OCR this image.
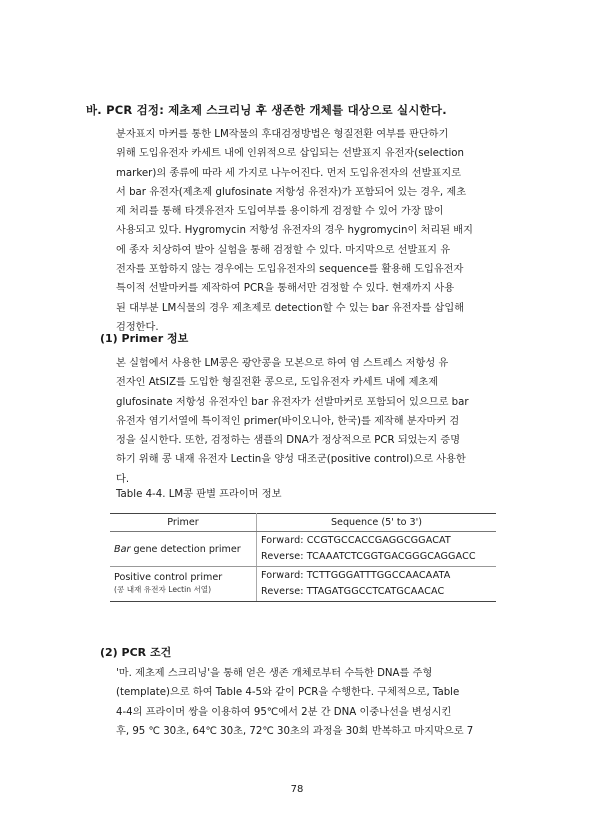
바. PCR 검정: 제초제 스크리닝 후 생존한 개체를 대상으로 실시한다.

분자표지 마커를 통한 LM작물의 후대검정방법은 형질전환 여부를 판단하기

위해 도입유전자 카세트 내에 인위적으로 삽입되는 선발표지 유전자(selection

marker)의 종류에 따라 세 가지로 나누어진다. 먼저 도입유전자의 선발표지로

서 bar 유전자(제초제 glufosinate 저항성 유전자)가 포함되어 있는 경우, 제초

제 처리를 통해 타겟유전자 도입여부를 용이하게 검정할 수 있어 가장 많이

사용되고 있다. Hygromycin 저항성 유전자의 경우 hygromycin이 처리된 배지

에 종자 치상하여 발아 실험을 통해 검정할 수 있다. 마지막으로 선발표지 유

전자를 포함하지 않는 경우에는 도입유전자의 sequence를 활용해 도입유전자

특이적 선발마커를 제작하여 PCR을 통해서만 검정할 수 있다. 현재까지 사용

된 대부분 LM식물의 경우 제초제로 detection할 수 있는 bar 유전자를 삽입해

검정한다.

(1) Primer 정보

본 실험에서 사용한 LM콩은 광안콩을 모본으로 하여 염 스트레스 저항성 유

전자인 AtSIZ를 도입한 형질전환 콩으로, 도입유전자 카세트 내에 제초제

glufosinate 저항성 유전자인 bar 유전자가 선발마커로 포함되어 있으므로 bar

유전자 염기서열에 특이적인 primer(바이오니아, 한국)를 제작해 분자마커 검

정을 실시한다. 또한, 검정하는 샘플의 DNA가 정상적으로 PCR 되었는지 증명

하기 위해 콩 내재 유전자 Lectin을 양성 대조군(positive control)으로 사용한

다.

Table 4-4. LM콩 판별 프라이머 정보
Primer	Sequence (5' to 3')
Bar gene detection primer	Forward: CCGTGCCACCGAGGCGGACAT
Reverse: TCAAATCTCGGTGACGGGCAGGACC

Positive control primer
(콩 내재 유전자 Lectin 서열)	Forward: TCTTGGGATTTGGCCAACAATA
Reverse: TTAGATGGCCTCATGCAACAC
(2) PCR 조건

'마. 제초제 스크리닝'을 통해 얻은 생존 개체로부터 수득한 DNA를 주형

(template)으로 하여 Table 4-5와 같이 PCR을 수행한다. 구체적으로, Table

4-4의 프라이머 쌍을 이용하여 95℃에서 2분 간 DNA 이중나선을 변성시킨

후, 95 ℃ 30초, 64℃ 30초, 72℃ 30초의 과정을 30회 반복하고 마지막으로 7

78
